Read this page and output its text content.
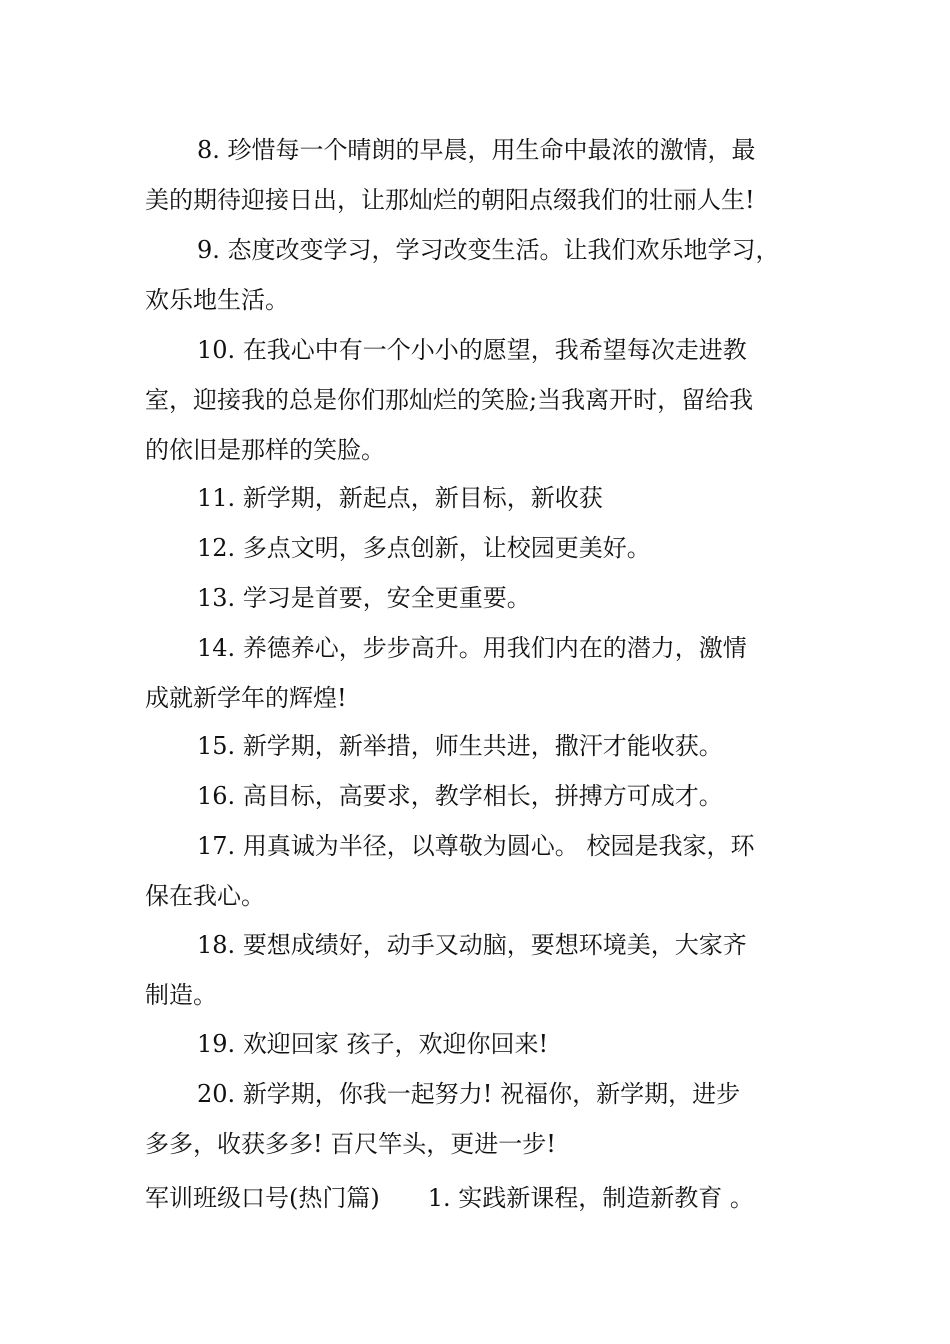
8. 珍惜每一个晴朗的早晨，用生命中最浓的激情，最
美的期待迎接日出，让那灿烂的朝阳点缀我们的壮丽人生!
9. 态度改变学习，学习改变生活。让我们欢乐地学习，
欢乐地生活。
10. 在我心中有一个小小的愿望，我希望每次走进教
室，迎接我的总是你们那灿烂的笑脸;当我离开时，留给我
的依旧是那样的笑脸。
11. 新学期，新起点，新目标，新收获
12. 多点文明，多点创新，让校园更美好。
13. 学习是首要，安全更重要。
14. 养德养心，步步高升。用我们内在的潜力，激情
成就新学年的辉煌!
15. 新学期，新举措，师生共进，撒汗才能收获。
16. 高目标，高要求，教学相长，拼搏方可成才。
17. 用真诚为半径，以尊敬为圆心。 校园是我家，环
保在我心。
18. 要想成绩好，动手又动脑，要想环境美，大家齐
制造。
19. 欢迎回家 孩子，欢迎你回来!
20. 新学期，你我一起努力! 祝福你，新学期，进步
多多，收获多多! 百尺竿头，更进一步!
军训班级口号(热门篇) 1. 实践新课程，制造新教育 。
